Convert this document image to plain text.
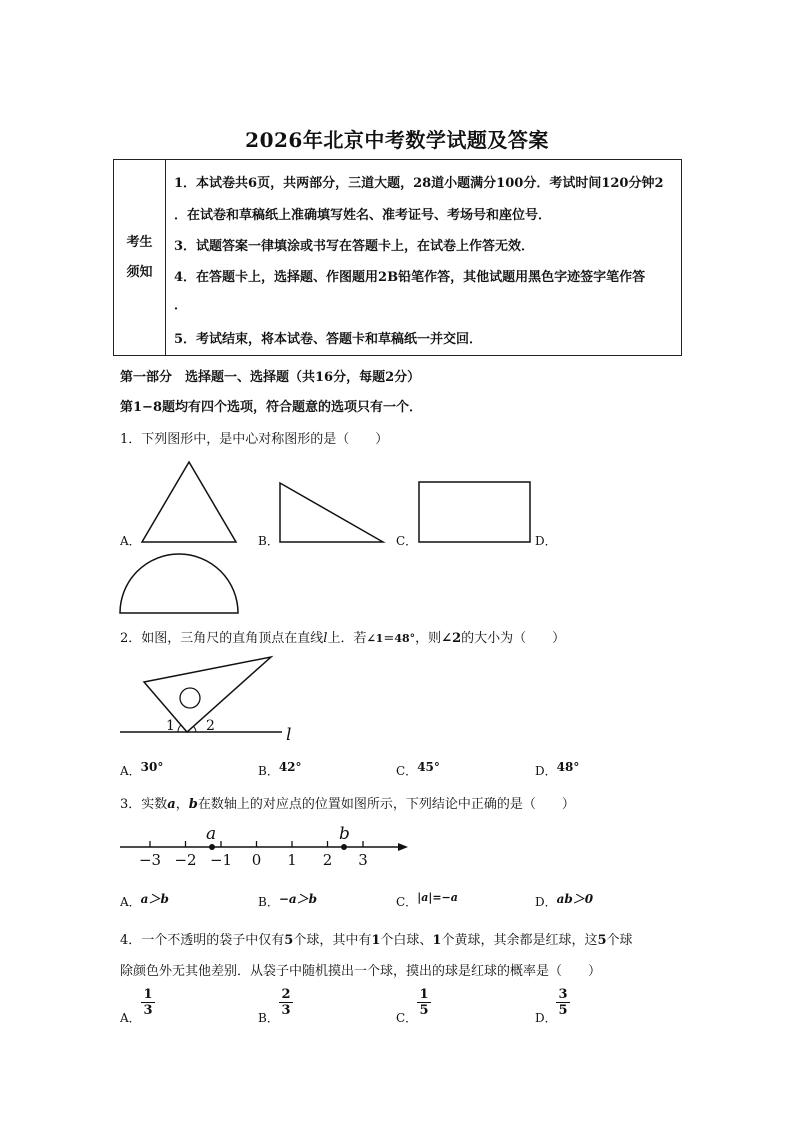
2026年北京中考数学试题及答案
考生
须知
1．本试卷共6页，共两部分，三道大题，28道小题满分100分．考试时间120分钟2
．在试卷和草稿纸上准确填写姓名、准考证号、考场号和座位号．
3．试题答案一律填涂或书写在答题卡上，在试卷上作答无效．
4．在答题卡上，选择题、作图题用2B铅笔作答，其他试题用黑色字迹签字笔作答
．
5．考试结束，将本试卷、答题卡和草稿纸一并交回．
第一部分　选择题一、选择题（共16分，每题2分）
第1−8题均有四个选项，符合题意的选项只有一个．
1．下列图形中，是中心对称图形的是（　　）
A．	B．	C．	D．
2．如图，三角尺的直角顶点在直线l上．若∠1＝48°，则∠2的大小为（　　）
1 2	l
A．30°	B．42°	C．45°	D．48°
3．实数a，b在数轴上的对应点的位置如图所示，下列结论中正确的是（　　）
−3 −2 −1 0 1 2 3
a	b
A．a＞b	B．−a＞b	C．|a|=−a	D．ab＞0
4．一个不透明的袋子中仅有5个球，其中有1个白球、1个黄球，其余都是红球，这5个球
除颜色外无其他差别．从袋子中随机摸出一个球，摸出的球是红球的概率是（　　）
A． $\frac{1}{3}$	B． $\frac{2}{3}$	C． $\frac{1}{5}$	D． $\frac{3}{5}$
